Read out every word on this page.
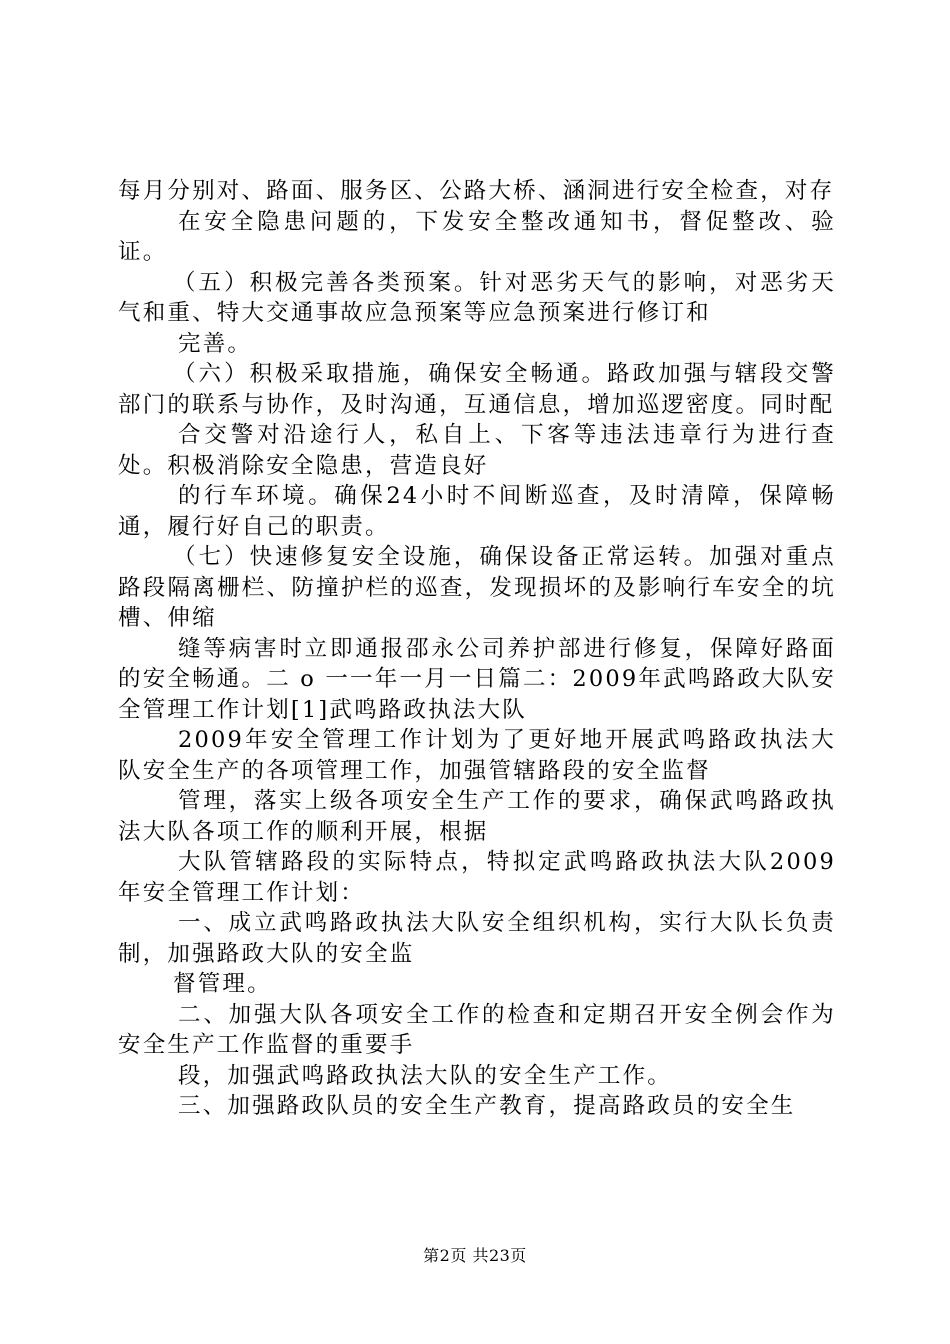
每月分别对、路面、服务区、公路大桥、涵洞进行安全检查，对存

在安全隐患问题的，下发安全整改通知书，督促整改、验证。

（五）积极完善各类预案。针对恶劣天气的影响，对恶劣天气和重、特大交通事故应急预案等应急预案进行修订和

完善。

（六）积极采取措施，确保安全畅通。路政加强与辖段交警部门的联系与协作，及时沟通，互通信息，增加巡逻密度。同时配

合交警对沿途行人，私自上、下客等违法违章行为进行查处。积极消除安全隐患，营造良好

的行车环境。确保24小时不间断巡查，及时清障，保障畅通，履行好自己的职责。

（七）快速修复安全设施，确保设备正常运转。加强对重点路段隔离栅栏、防撞护栏的巡查，发现损坏的及影响行车安全的坑槽、伸缩

缝等病害时立即通报邵永公司养护部进行修复，保障好路面的安全畅通。二 o 一一年一月一日篇二：2009年武鸣路政大队安全管理工作计划[1]武鸣路政执法大队

2009年安全管理工作计划为了更好地开展武鸣路政执法大队安全生产的各项管理工作，加强管辖路段的安全监督

管理，落实上级各项安全生产工作的要求，确保武鸣路政执法大队各项工作的顺利开展，根据

大队管辖路段的实际特点，特拟定武鸣路政执法大队2009年安全管理工作计划：

一、成立武鸣路政执法大队安全组织机构，实行大队长负责制，加强路政大队的安全监

督管理。

二、加强大队各项安全工作的检查和定期召开安全例会作为安全生产工作监督的重要手

段，加强武鸣路政执法大队的安全生产工作。

三、加强路政队员的安全生产教育，提高路政员的安全生

第2页 共23页
